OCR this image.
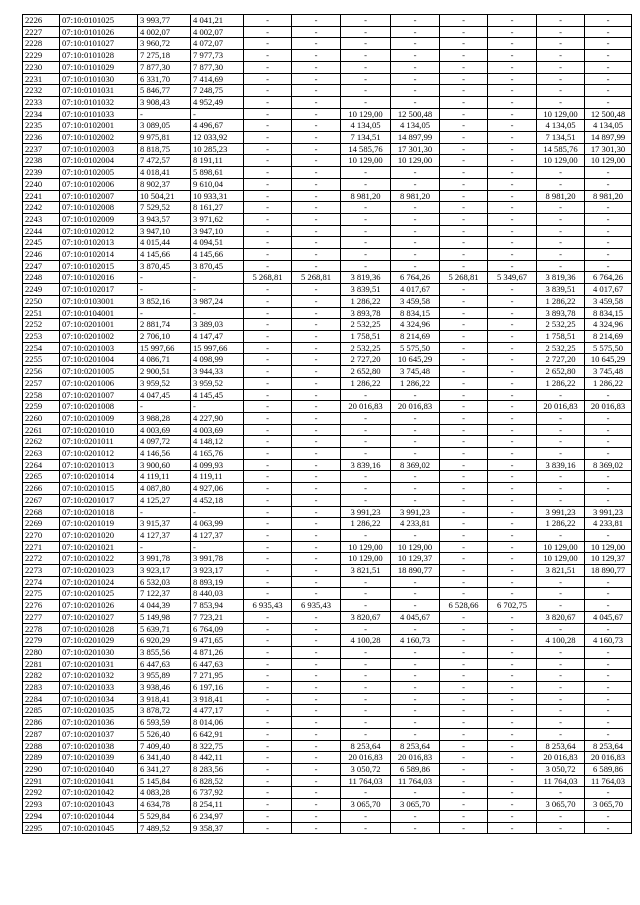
2226	07:10:0101025	3 993,77	4 041,21	-	-	-	-	-	-	-	-
2227	07:10:0101026	4 002,07	4 002,07	-	-	-	-	-	-	-	-
2228	07:10:0101027	3 960,72	4 072,07	-	-	-	-	-	-	-	-
2229	07:10:0101028	7 275,18	7 977,73	-	-	-	-	-	-	-	-
2230	07:10:0101029	7 877,30	7 877,30	-	-	-	-	-	-	-	-
2231	07:10:0101030	6 331,70	7 414,69	-	-	-	-	-	-	-	-
2232	07:10:0101031	5 846,77	7 248,75	-	-	-	-	-	-	-	-
2233	07:10:0101032	3 908,43	4 952,49	-	-	-	-	-	-	-	-
2234	07:10:0101033	-	-	-	-	10 129,00	12 500,48	-	-	10 129,00	12 500,48
2235	07:10:0102001	3 089,05	4 496,67	-	-	4 134,05	4 134,05	-	-	4 134,05	4 134,05
2236	07:10:0102002	9 975,81	12 033,92	-	-	7 134,51	14 897,99	-	-	7 134,51	14 897,99
2237	07:10:0102003	8 818,75	10 285,23	-	-	14 585,76	17 301,30	-	-	14 585,76	17 301,30
2238	07:10:0102004	7 472,57	8 191,11	-	-	10 129,00	10 129,00	-	-	10 129,00	10 129,00
2239	07:10:0102005	4 018,41	5 898,61	-	-	-	-	-	-	-	-
2240	07:10:0102006	8 902,37	9 610,04	-	-	-	-	-	-	-	-
2241	07:10:0102007	10 504,21	10 933,31	-	-	8 981,20	8 981,20	-	-	8 981,20	8 981,20
2242	07:10:0102008	7 529,52	8 161,27	-	-	-	-	-	-	-	-
2243	07:10:0102009	3 943,57	3 971,62	-	-	-	-	-	-	-	-
2244	07:10:0102012	3 947,10	3 947,10	-	-	-	-	-	-	-	-
2245	07:10:0102013	4 015,44	4 094,51	-	-	-	-	-	-	-	-
2246	07:10:0102014	4 145,66	4 145,66	-	-	-	-	-	-	-	-
2247	07:10:0102015	3 870,45	3 870,45	-	-	-	-	-	-	-	-
2248	07:10:0102016	-	-	5 268,81	5 268,81	3 819,36	6 764,26	5 268,81	5 349,67	3 819,36	6 764,26
2249	07:10:0102017	-	-	-	-	3 839,51	4 017,67	-	-	3 839,51	4 017,67
2250	07:10:0103001	3 852,16	3 987,24	-	-	1 286,22	3 459,58	-	-	1 286,22	3 459,58
2251	07:10:0104001	-	-	-	-	3 893,78	8 834,15	-	-	3 893,78	8 834,15
2252	07:10:0201001	2 881,74	3 389,03	-	-	2 532,25	4 324,96	-	-	2 532,25	4 324,96
2253	07:10:0201002	2 706,10	4 147,47	-	-	1 758,51	8 214,69	-	-	1 758,51	8 214,69
2254	07:10:0201003	15 997,66	15 997,66	-	-	2 532,25	5 575,50	-	-	2 532,25	5 575,50
2255	07:10:0201004	4 086,71	4 098,99	-	-	2 727,20	10 645,29	-	-	2 727,20	10 645,29
2256	07:10:0201005	2 900,51	3 944,33	-	-	2 652,80	3 745,48	-	-	2 652,80	3 745,48
2257	07:10:0201006	3 959,52	3 959,52	-	-	1 286,22	1 286,22	-	-	1 286,22	1 286,22
2258	07:10:0201007	4 047,45	4 145,45	-	-	-	-	-	-	-	-
2259	07:10:0201008	-	-	-	-	20 016,83	20 016,83	-	-	20 016,83	20 016,83
2260	07:10:0201009	3 988,28	4 227,90	-	-	-	-	-	-	-	-
2261	07:10:0201010	4 003,69	4 003,69	-	-	-	-	-	-	-	-
2262	07:10:0201011	4 097,72	4 148,12	-	-	-	-	-	-	-	-
2263	07:10:0201012	4 146,56	4 165,76	-	-	-	-	-	-	-	-
2264	07:10:0201013	3 900,60	4 099,93	-	-	3 839,16	8 369,02	-	-	3 839,16	8 369,02
2265	07:10:0201014	4 119,11	4 119,11	-	-	-	-	-	-	-	-
2266	07:10:0201015	4 087,80	4 927,06	-	-	-	-	-	-	-	-
2267	07:10:0201017	4 125,27	4 452,18	-	-	-	-	-	-	-	-
2268	07:10:0201018	-	-	-	-	3 991,23	3 991,23	-	-	3 991,23	3 991,23
2269	07:10:0201019	3 915,37	4 063,99	-	-	1 286,22	4 233,81	-	-	1 286,22	4 233,81
2270	07:10:0201020	4 127,37	4 127,37	-	-	-	-	-	-	-	-
2271	07:10:0201021	-	-	-	-	10 129,00	10 129,00	-	-	10 129,00	10 129,00
2272	07:10:0201022	3 991,78	3 991,78	-	-	10 129,00	10 129,37	-	-	10 129,00	10 129,37
2273	07:10:0201023	3 923,17	3 923,17	-	-	3 821,51	18 890,77	-	-	3 821,51	18 890,77
2274	07:10:0201024	6 532,03	8 893,19	-	-	-	-	-	-	-	-
2275	07:10:0201025	7 122,37	8 440,03	-	-	-	-	-	-	-	-
2276	07:10:0201026	4 044,39	7 853,94	6 935,43	6 935,43	-	-	6 528,66	6 702,75	-	-
2277	07:10:0201027	5 149,98	7 723,21	-	-	3 820,67	4 045,67	-	-	3 820,67	4 045,67
2278	07:10:0201028	5 639,71	6 764,09	-	-	-	-	-	-	-	-
2279	07:10:0201029	6 920,29	9 471,65	-	-	4 100,28	4 160,73	-	-	4 100,28	4 160,73
2280	07:10:0201030	3 855,56	4 871,26	-	-	-	-	-	-	-	-
2281	07:10:0201031	6 447,63	6 447,63	-	-	-	-	-	-	-	-
2282	07:10:0201032	3 955,89	7 271,95	-	-	-	-	-	-	-	-
2283	07:10:0201033	3 938,46	6 197,16	-	-	-	-	-	-	-	-
2284	07:10:0201034	3 918,41	3 918,41	-	-	-	-	-	-	-	-
2285	07:10:0201035	3 878,72	4 477,17	-	-	-	-	-	-	-	-
2286	07:10:0201036	6 593,59	8 014,06	-	-	-	-	-	-	-	-
2287	07:10:0201037	5 526,40	6 642,91	-	-	-	-	-	-	-	-
2288	07:10:0201038	7 409,40	8 322,75	-	-	8 253,64	8 253,64	-	-	8 253,64	8 253,64
2289	07:10:0201039	6 341,40	8 442,11	-	-	20 016,83	20 016,83	-	-	20 016,83	20 016,83
2290	07:10:0201040	6 341,27	8 283,56	-	-	3 050,72	6 589,86	-	-	3 050,72	6 589,86
2291	07:10:0201041	5 145,84	6 828,52	-	-	11 764,03	11 764,03	-	-	11 764,03	11 764,03
2292	07:10:0201042	4 083,28	6 737,92	-	-	-	-	-	-	-	-
2293	07:10:0201043	4 634,78	8 254,11	-	-	3 065,70	3 065,70	-	-	3 065,70	3 065,70
2294	07:10:0201044	5 529,84	6 234,97	-	-	-	-	-	-	-	-
2295	07:10:0201045	7 489,52	9 358,37	-	-	-	-	-	-	-	-
